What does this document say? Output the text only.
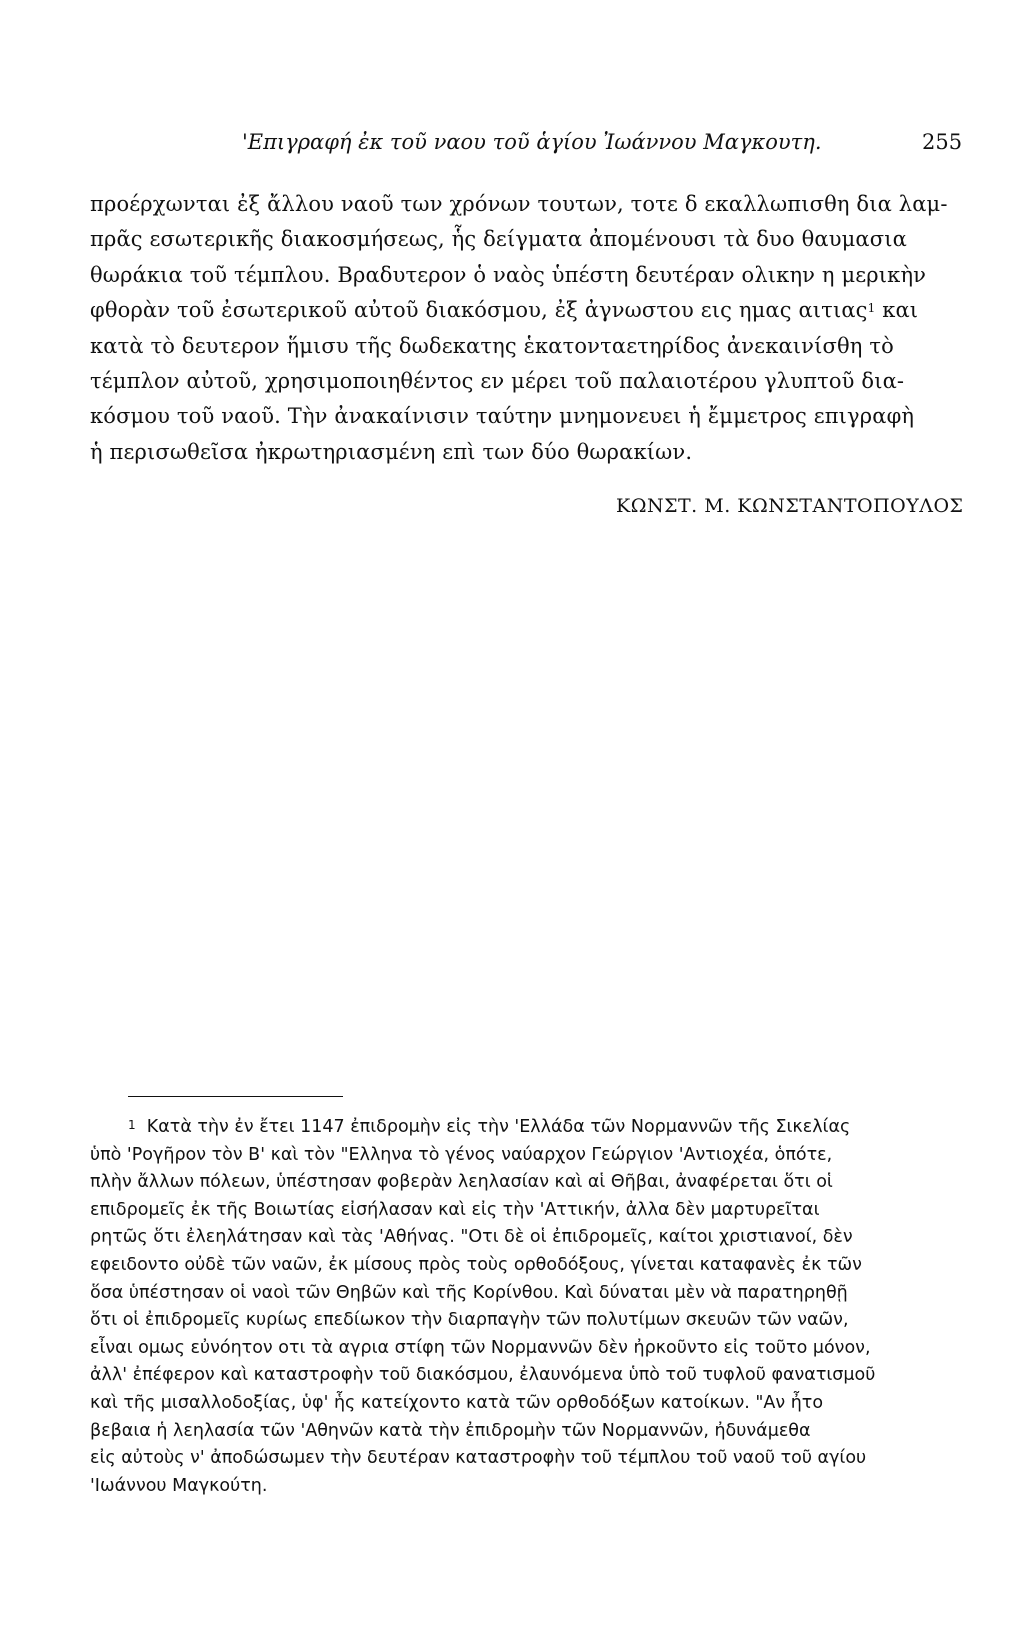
'Επιγραφή ἐκ τοῦ ναου τοῦ ἁγίου Ἰωάννου Μαγκουτη.	255
προέρχωνται ἐξ ἄλλου ναοῦ των χρόνων τουτων, τοτε δ εκαλλωπισθη δια λαμ-
πρᾶς εσωτερικῆς διακοσμήσεως, ἧς δείγματα ἀπομένουσι τὰ δυο θαυμασια
θωράκια τοῦ τέμπλου. Βραδυτερον ὁ ναὸς ὑπέστη δευτέραν ολικην η μερικὴν
φθορὰν τοῦ ἐσωτερικοῦ αὐτοῦ διακόσμου, ἐξ ἀγνωστου εις ημας αιτιας$^1$ και
κατὰ τὸ δευτερον ἥμισυ τῆς δωδεκατης ἑκατονταετηρίδος ἀνεκαινίσθη τὸ
τέμπλον αὐτοῦ, χρησιμοποιηθέντος εν μέρει τοῦ παλαιοτέρου γλυπτοῦ δια-
κόσμου τοῦ ναοῦ. Τὴν ἀνακαίνισιν ταύτην μνημονευει ἡ ἔμμετρος επιγραφὴ
ἡ περισωθεῖσα ἠκρωτηριασμένη επὶ των δύο θωρακίων.
ΚΩΝΣΤ. Μ. ΚΩΝΣΤΑΝΤΟΠΟΥΛΟΣ
$^1$ Κατὰ τὴν ἐν ἔτει 1147 ἐπιδρομὴν εἰς τὴν 'Ελλάδα τῶν Νορμαννῶν τῆς Σικελίας
ὑπὸ 'Ρογῆρον τὸν Β' καὶ τὸν "Ελληνα τὸ γένος ναύαρχον Γεώργιον 'Αντιοχέα, ὁπότε,
πλὴν ἄλλων πόλεων, ὑπέστησαν φοβερὰν λεηλασίαν καὶ αἱ Θῆβαι, ἀναφέρεται ὅτι οἱ
επιδρομεῖς ἐκ τῆς Βοιωτίας εἰσήλασαν καὶ εἰς τὴν 'Αττικήν, ἀλλα δὲν μαρτυρεῖται
ρητῶς ὅτι ἐλεηλάτησαν καὶ τὰς 'Αθήνας. "Οτι δὲ οἱ ἐπιδρομεῖς, καίτοι χριστιανοί, δὲν
εφειδοντο οὐδὲ τῶν ναῶν, ἐκ μίσους πρὸς τοὺς ορθοδόξους, γίνεται καταφανὲς ἐκ τῶν
ὅσα ὑπέστησαν οἱ ναοὶ τῶν Θηβῶν καὶ τῆς Κορίνθου. Καὶ δύναται μὲν νὰ παρατηρηθῇ
ὅτι οἱ ἐπιδρομεῖς κυρίως επεδίωκον τὴν διαρπαγὴν τῶν πολυτίμων σκευῶν τῶν ναῶν,
εἶναι ομως εὐνόητον οτι τὰ αγρια στίφη τῶν Νορμαννῶν δὲν ἠρκοῦντο εἰς τοῦτο μόνον,
ἀλλ' ἐπέφερον καὶ καταστροφὴν τοῦ διακόσμου, ἐλαυνόμενα ὑπὸ τοῦ τυφλοῦ φανατισμοῦ
καὶ τῆς μισαλλοδοξίας, ὑφ' ἧς κατείχοντο κατὰ τῶν ορθοδόξων κατοίκων. "Αν ἦτο
βεβαια ἡ λεηλασία τῶν 'Αθηνῶν κατὰ τὴν ἐπιδρομὴν τῶν Νορμαννῶν, ἠδυνάμεθα
εἰς αὐτοὺς ν' ἀποδώσωμεν τὴν δευτέραν καταστροφὴν τοῦ τέμπλου τοῦ ναοῦ τοῦ αγίου
'Ιωάννου Μαγκούτη.
